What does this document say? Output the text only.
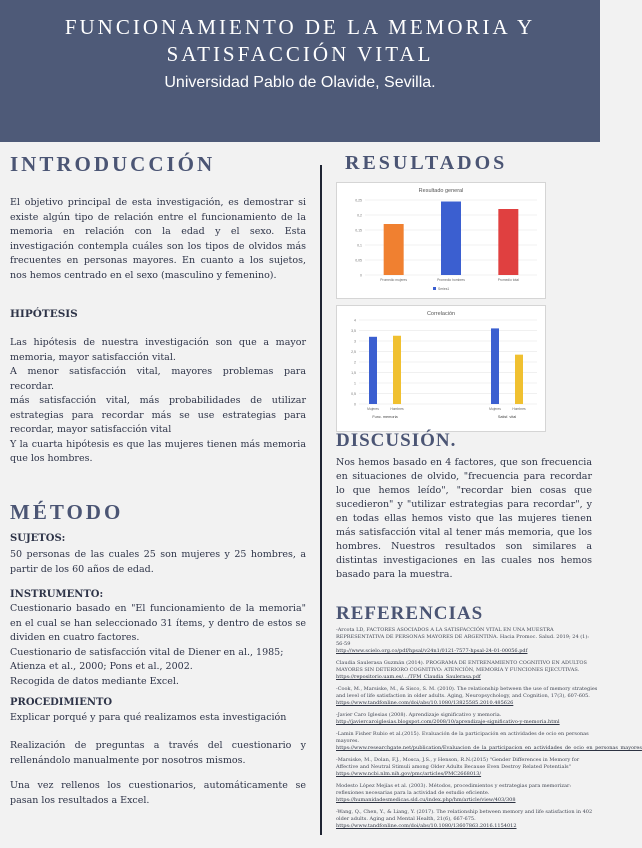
FUNCIONAMIENTO DE LA MEMORIA Y
SATISFACCIÓN VITAL
Universidad Pablo de Olavide, Sevilla.
INTRODUCCIÓN

El objetivo principal de esta investigación, es demostrar si existe algún tipo de relación entre el funcionamiento de la memoria en relación con la edad y el sexo. Esta investigación contempla cuáles son los tipos de olvidos más frecuentes en personas mayores. En cuanto a los sujetos, nos hemos centrado en el sexo (masculino y femenino).

HIPÓTESIS

Las hipótesis de nuestra investigación son que a mayor memoria, mayor satisfacción vital.

A menor satisfacción vital, mayores problemas para recordar.

más satisfacción vital, más probabilidades de utilizar estrategias para recordar más se use estrategias para recordar, mayor satisfacción vital

Y la cuarta hipótesis es que las mujeres tienen más memoria que los hombres.

MÉTODO
SUJETOS:

50 personas de las cuales 25 son mujeres y 25 hombres, a partir de los 60 años de edad.

INSTRUMENTO:

Cuestionario basado en "El funcionamiento de la memoria" en el cual se han seleccionado 31 ítems, y dentro de estos se dividen en cuatro factores.

Cuestionario de satisfacción vital de Diener en al., 1985; Atienza et al., 2000; Pons et al., 2002.

Recogida de datos mediante Excel.

PROCEDIMIENTO

Explicar porqué y para qué realizamos esta investigación

Realización de preguntas a través del cuestionario y rellenándolo manualmente por nosotros mismos.

Una vez rellenos los cuestionarios, automáticamente se pasan los resultados a Excel.

RESULTADOS
Resultado general
0
0,05
0,1
0,15
0,2
0,25
Promedio mujeres	Promedio hombres	Promedio total
Series1
Correlación
0
0,5
1
1,5
2
2,5
3
3,5
4
Mujeres	Hombres	Mujeres	Hombres
Func. memoria	Satisf. vital
DISCUSIÓN.

Nos hemos basado en 4 factores, que son frecuencia en situaciones de olvido, "frecuencia para recordar lo que hemos leído", "recordar bien cosas que sucedieron" y "utilizar estrategias para recordar", y en todas ellas hemos visto que las mujeres tienen más satisfacción vital al tener más memoria, que los hombres. Nuestros resultados son similares a distintas investigaciones en las cuales nos hemos basado para la muestra.

REFERENCIAS

-Arcota LD, FACTORES ASOCIADOS A LA SATISFACCIÓN VITAL EN UNA MUESTRA REPRESENTATIVA DE PERSONAS MAYORES DE ARGENTINA. Hacia Promoc. Salud. 2019; 24 (1): 56-59
http://www.scielo.org.co/pdf/hpsal/v24n1/0121-7577-hpsal-24-01-00056.pdf

Claudia Saulerasa Guzmán (2014). PROGRAMA DE ENTRENAMIENTO COGNITIVO EN ADULTOS MAYORES SIN DETERIORO COGNITIVO: ATENCIÓN, MEMORIA Y FUNCIONES EJECUTIVAS.
https://repositorio.uam.es/.../TFM_Claudia_Saulerasa.pdf

-Cook, M., Marsiske, M., & Sisco, S. M. (2010). The relationship between the use of memory strategies and level of life satisfaction in older adults. Aging, Neuropsychology, and Cognition, 17(3), 607-605.
https://www.tandfonline.com/doi/abs/10.1080/13825585.2010.485626

-Javier Caro Iglesias (2008). Aprendizaje significativo y memoria.
http://javiercaroiglesias.blogspot.com/2008/10/aprendizaje-significativo-y-memoria.html

-Lamin Fisher Rubio et al.(2015). Evaluación de la participación en actividades de ocio en personas mayores.
https://www.researchgate.net/publication/Evaluacion_de_la_participacion_en_actividades_de_ocio_en_personas_mayores

-Marsiske, M., Dolan, F.J., Mosca, J.S., y Henson, R.N.(2015) "Gender Differences in Memory for Affective and Neutral Stimuli among Older Adults Because Even Destroy Related Potentials"
https://www.ncbi.nlm.nih.gov/pmc/articles/PMC2668013/

Modesto López Mejías et al. (2003). Métodos, procedimientos y estrategias para memorizar: reflexiones necesarias para la actividad de estudio eficiente.
https://humanidadesmedicas.sld.cu/index.php/hm/article/view/403/308

-Wang, Q., Chen, Y., & Liang, Y. (2017). The relationship between memory and life satisfaction in 402 older adults. Aging and Mental Health, 21(6), 667-675.
https://www.tandfonline.com/doi/abs/10.1080/13607863.2016.1154012
